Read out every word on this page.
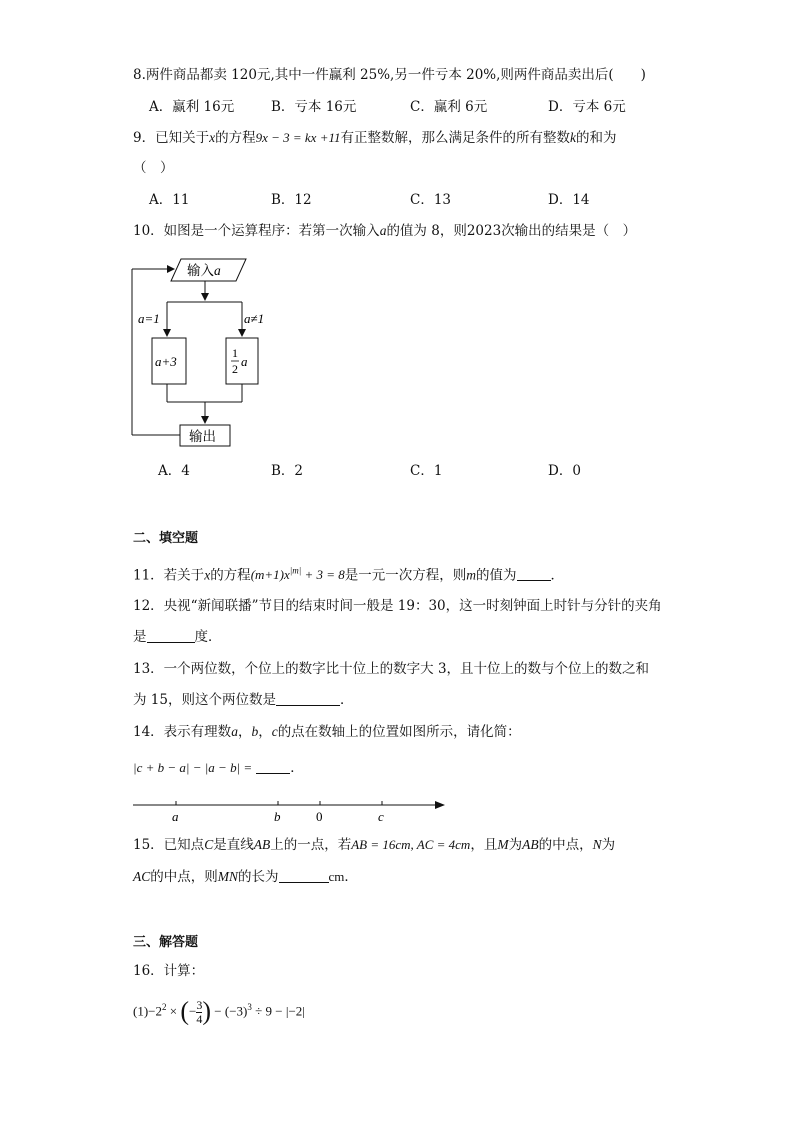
8.两件商品都卖 120元,其中一件赢利 25%,另一件亏本 20%,则两件商品卖出后(　　)
A．赢利 16元	B．亏本 16元	C．赢利 6元	D．亏本 6元
9．已知关于x的方程9x − 3 = kx +11有正整数解，那么满足条件的所有整数k的和为
（　）
A．11	B．12	C．13	D．14
10．如图是一个运算程序：若第一次输入a的值为 8，则2023次输出的结果是（　）
输入a
a=1	a≠1
a+3
1
2 a
输出
A．4	B．2	C．1	D．0
二、填空题
11．若关于x的方程$(m+1)x^{|m|} + 3 = 8$是一元一次方程，则m的值为	．
12．央视“新闻联播”节目的结束时间一般是 19：30，这一时刻钟面上时针与分针的夹角
是	度．
13．一个两位数，个位上的数字比十位上的数字大 3，且十位上的数与个位上的数之和
为 15，则这个两位数是	．
14．表示有理数a，b，c的点在数轴上的位置如图所示，请化简：
|c + b − a| − |a − b| =	．
a	b	0	c
15．已知点C是直线AB上的一点，若AB = 16cm, AC = 4cm，且M为AB的中点，N为
AC的中点，则MN的长为	cm．
三、解答题
16．计算：
$(1)-2^2$ × (− $\frac{3}{4}$ ) − $(-3)^3 \div 9 - |-2|$
